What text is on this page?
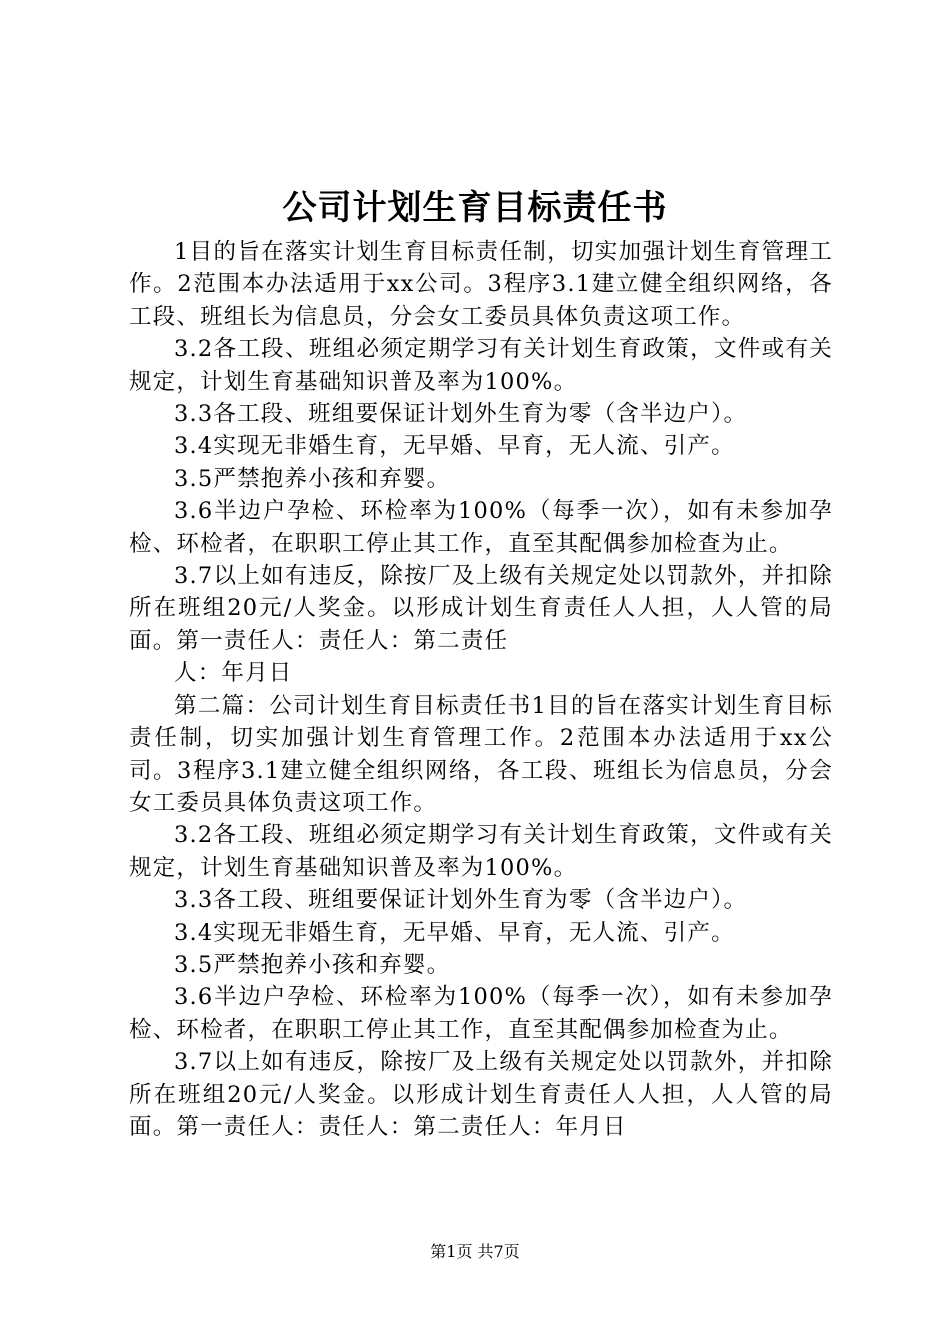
公司计划生育目标责任书

1目的旨在落实计划生育目标责任制，切实加强计划生育管理工作。2范围本办法适用于xx公司。3程序3.1建立健全组织网络，各工段、班组长为信息员，分会女工委员具体负责这项工作。

3.2各工段、班组必须定期学习有关计划生育政策，文件或有关规定，计划生育基础知识普及率为100%。

3.3各工段、班组要保证计划外生育为零（含半边户）。

3.4实现无非婚生育，无早婚、早育，无人流、引产。

3.5严禁抱养小孩和弃婴。

3.6半边户孕检、环检率为100%（每季一次），如有未参加孕检、环检者，在职职工停止其工作，直至其配偶参加检查为止。

3.7以上如有违反，除按厂及上级有关规定处以罚款外，并扣除所在班组20元/人奖金。以形成计划生育责任人人担，人人管的局面。第一责任人：责任人：第二责任

人：年月日

第二篇：公司计划生育目标责任书1目的旨在落实计划生育目标责任制，切实加强计划生育管理工作。2范围本办法适用于xx公司。3程序3.1建立健全组织网络，各工段、班组长为信息员，分会女工委员具体负责这项工作。

3.2各工段、班组必须定期学习有关计划生育政策，文件或有关规定，计划生育基础知识普及率为100%。

3.3各工段、班组要保证计划外生育为零（含半边户）。

3.4实现无非婚生育，无早婚、早育，无人流、引产。

3.5严禁抱养小孩和弃婴。

3.6半边户孕检、环检率为100%（每季一次），如有未参加孕检、环检者，在职职工停止其工作，直至其配偶参加检查为止。

3.7以上如有违反，除按厂及上级有关规定处以罚款外，并扣除所在班组20元/人奖金。以形成计划生育责任人人担，人人管的局面。第一责任人：责任人：第二责任人：年月日

第1页 共7页
